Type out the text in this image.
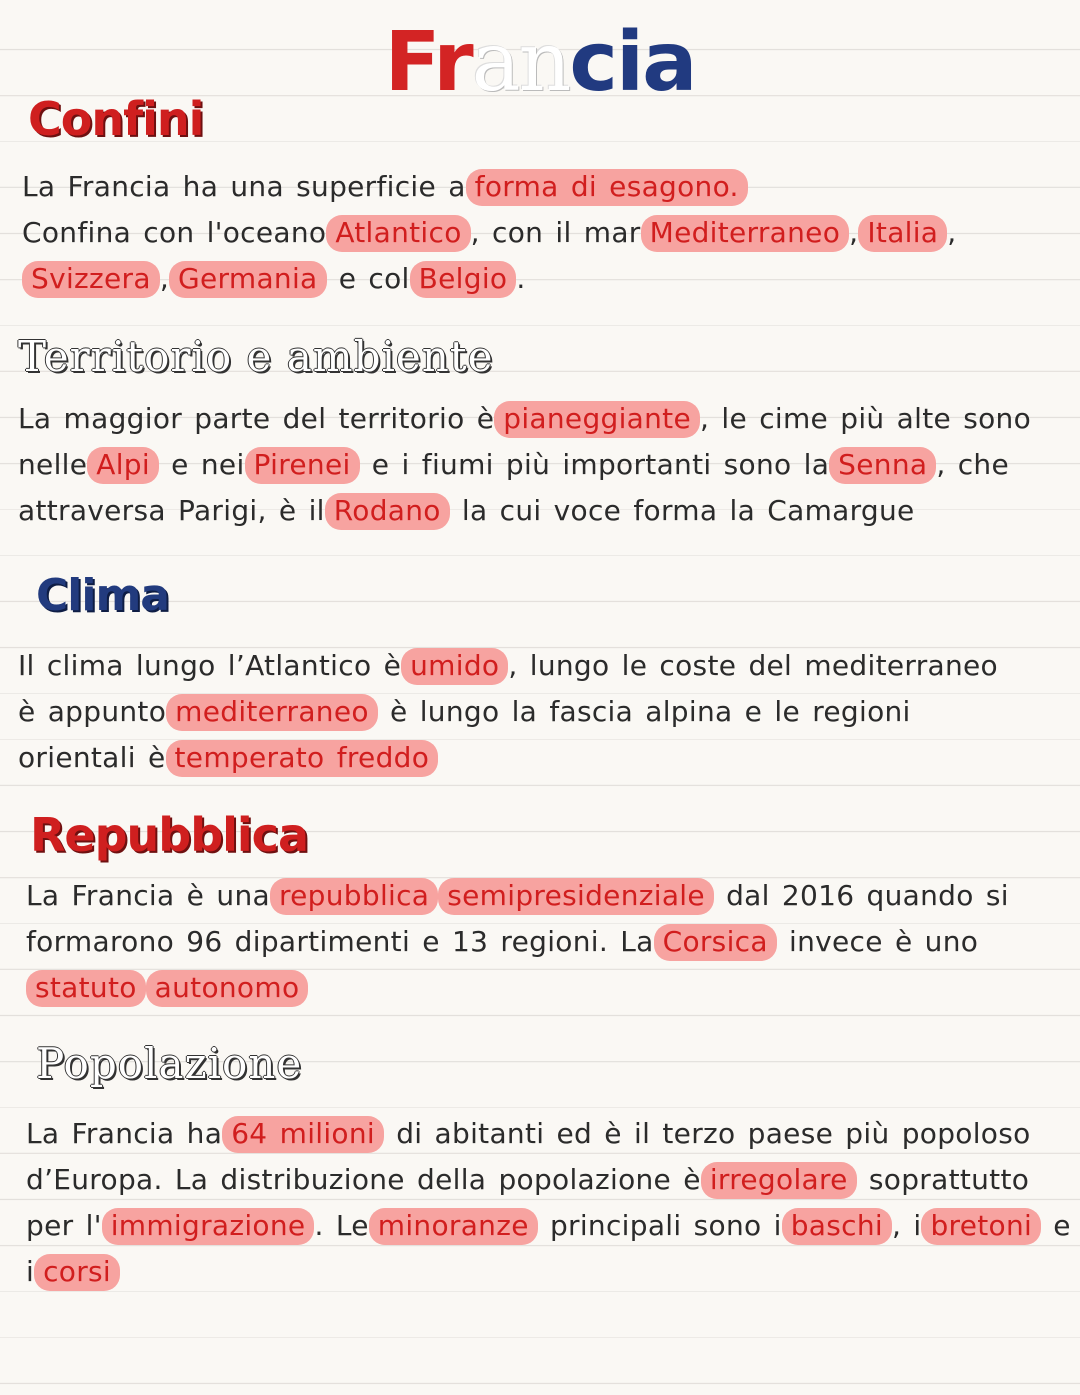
Francia
Confini
La Francia ha una superficie a forma di esagono.
Confina con l'oceano Atlantico , con il mar Mediterraneo , Italia ,
Svizzera , Germania e col Belgio .
Territorio e ambiente
La maggior parte del territorio è pianeggiante , le cime più alte sono
nelle Alpi e nei Pirenei e i fiumi più importanti sono la Senna , che
attraversa Parigi, è il Rodano la cui voce forma la Camargue
Clima
Il clima lungo l’Atlantico è umido , lungo le coste del mediterraneo
è appunto mediterraneo è lungo la fascia alpina e le regioni
orientali è temperato freddo
Repubblica
La Francia è una repubblica semipresidenziale dal 2016 quando si
formarono 96 dipartimenti e 13 regioni. La Corsica invece è uno
statuto autonomo
Popolazione
La Francia ha 64 milioni di abitanti ed è il terzo paese più popoloso
d’Europa. La distribuzione della popolazione è irregolare soprattutto
per l' immigrazione . Le minoranze principali sono i baschi , i bretoni e
i corsi
